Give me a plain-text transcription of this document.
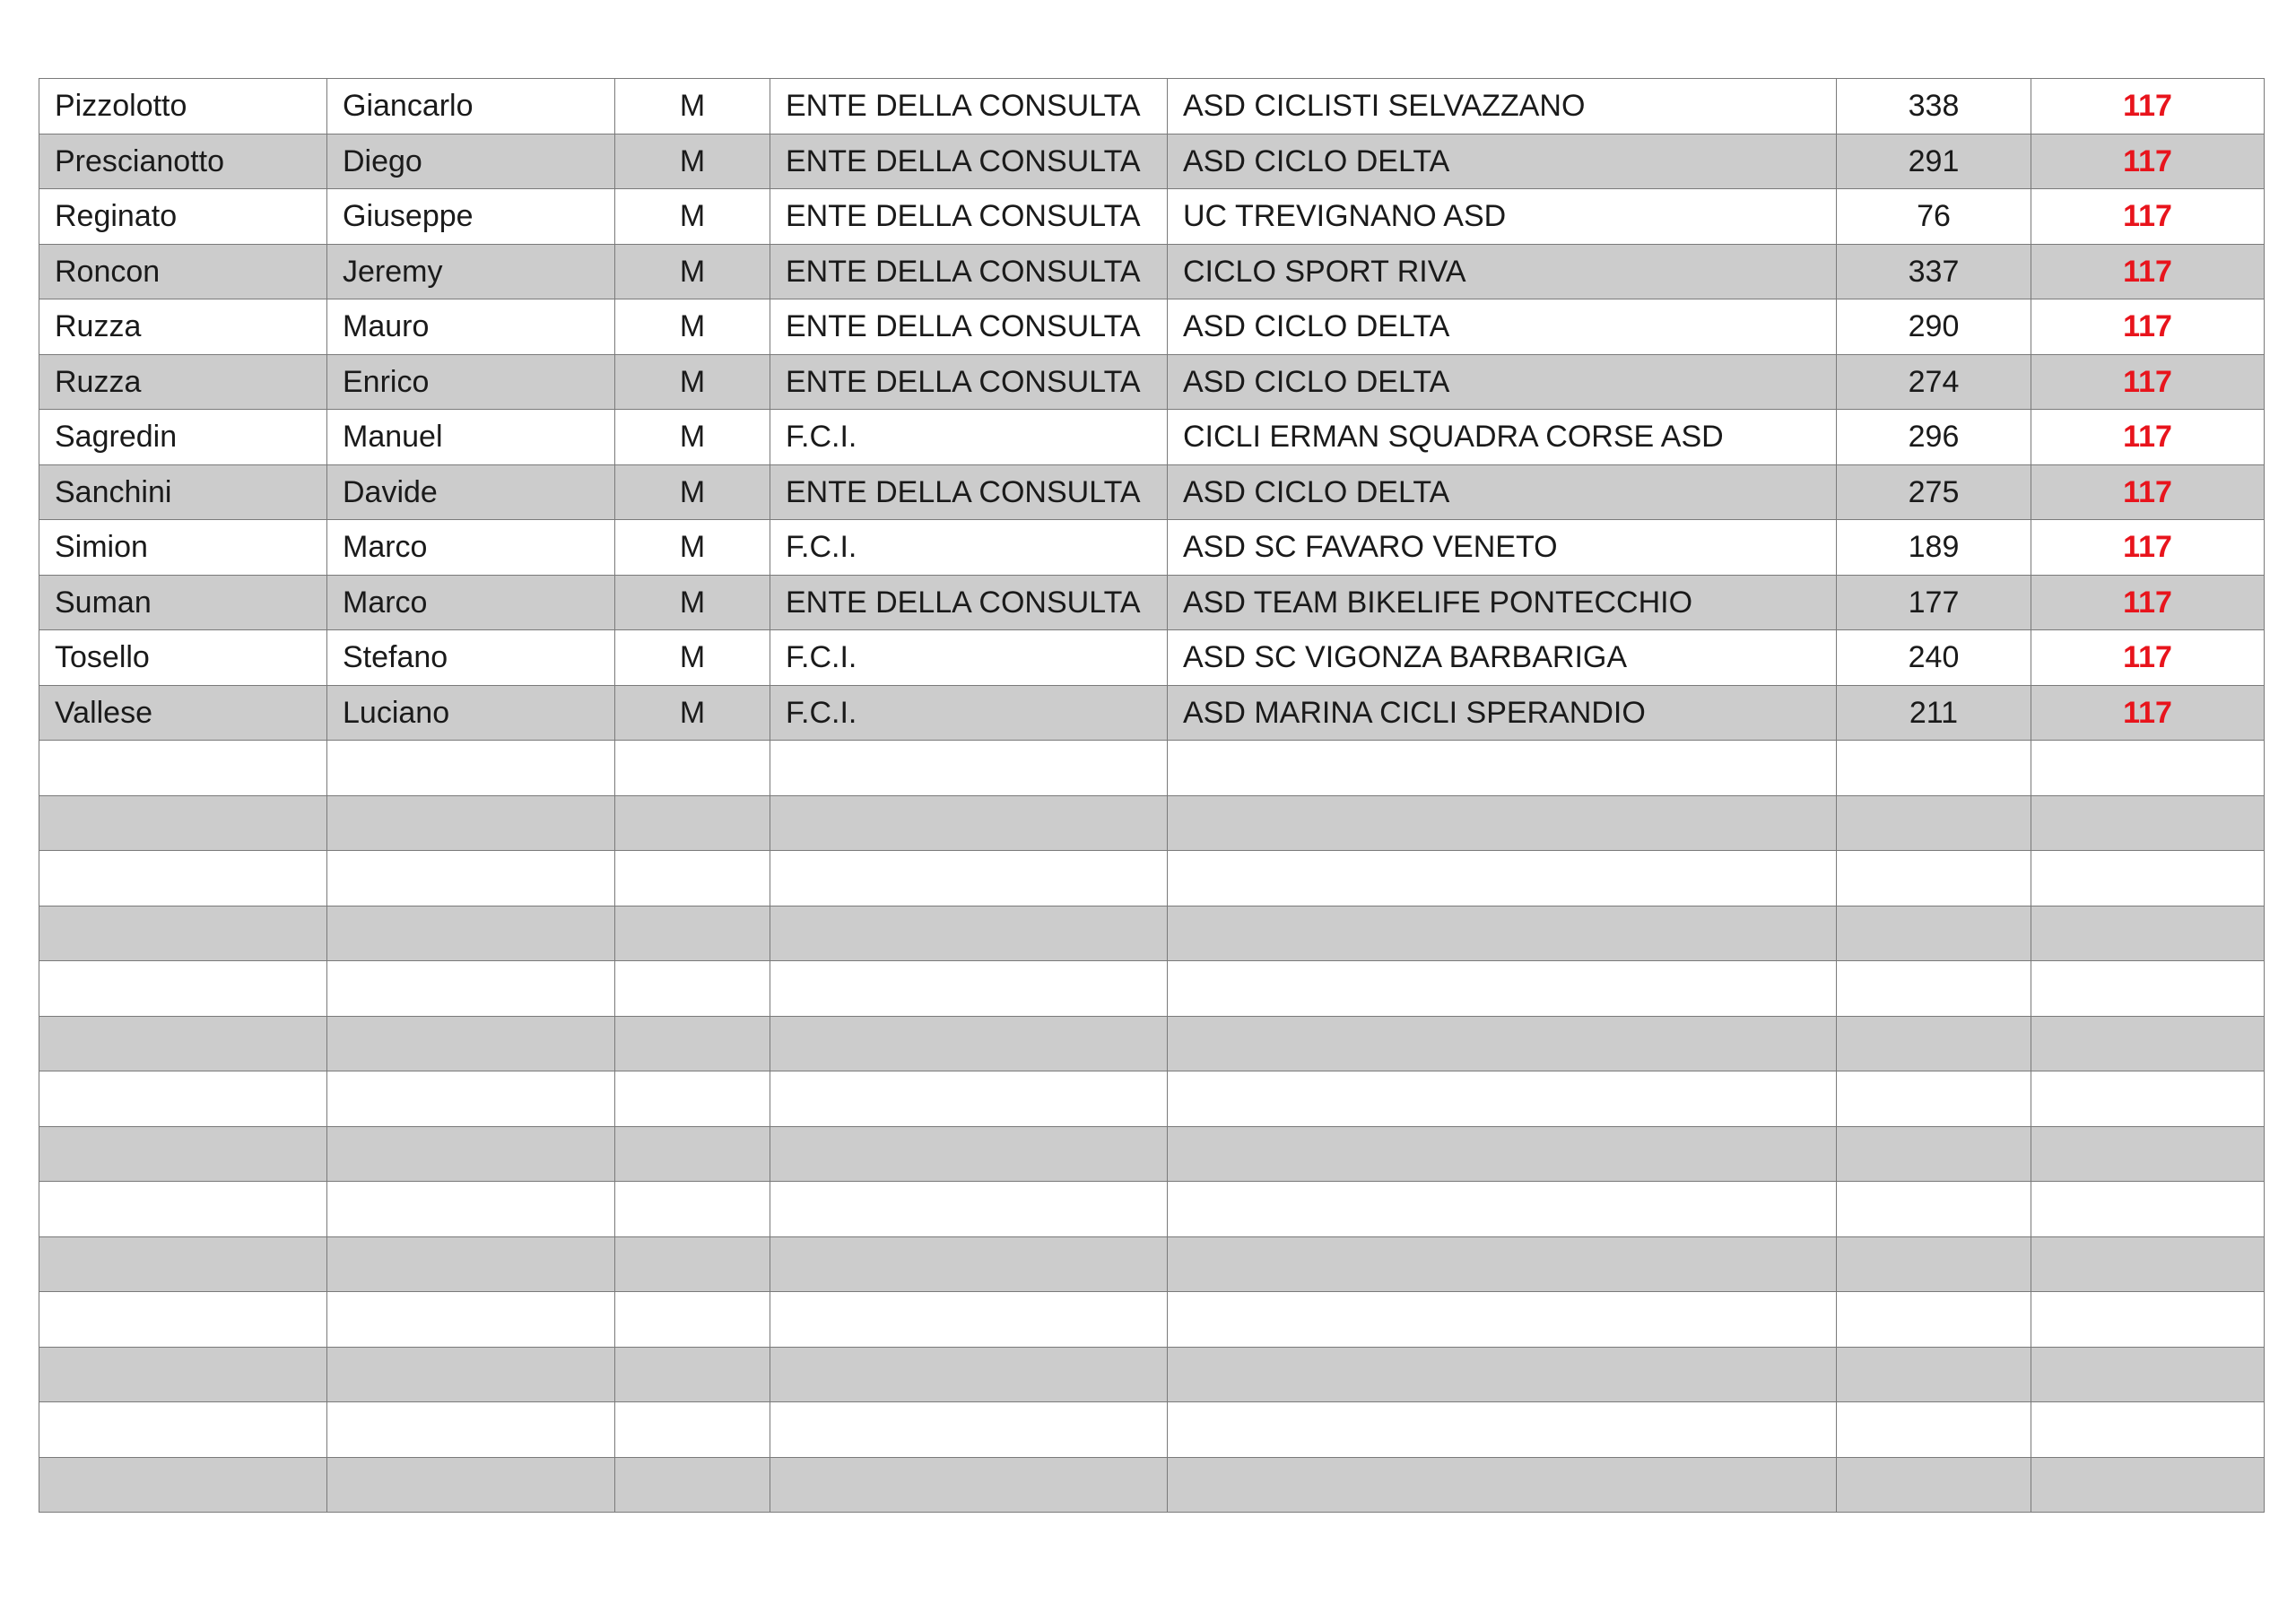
Pizzolotto	Giancarlo	M	ENTE DELLA CONSULTA	ASD CICLISTI SELVAZZANO	338	117
Prescianotto	Diego	M	ENTE DELLA CONSULTA	ASD CICLO DELTA	291	117
Reginato	Giuseppe	M	ENTE DELLA CONSULTA	UC TREVIGNANO ASD	76	117
Roncon	Jeremy	M	ENTE DELLA CONSULTA	CICLO SPORT RIVA	337	117
Ruzza	Mauro	M	ENTE DELLA CONSULTA	ASD CICLO DELTA	290	117
Ruzza	Enrico	M	ENTE DELLA CONSULTA	ASD CICLO DELTA	274	117
Sagredin	Manuel	M	F.C.I.	CICLI ERMAN SQUADRA CORSE ASD	296	117
Sanchini	Davide	M	ENTE DELLA CONSULTA	ASD CICLO DELTA	275	117
Simion	Marco	M	F.C.I.	ASD SC FAVARO VENETO	189	117
Suman	Marco	M	ENTE DELLA CONSULTA	ASD TEAM BIKELIFE PONTECCHIO	177	117
Tosello	Stefano	M	F.C.I.	ASD SC VIGONZA BARBARIGA	240	117
Vallese	Luciano	M	F.C.I.	ASD MARINA CICLI SPERANDIO	211	117
